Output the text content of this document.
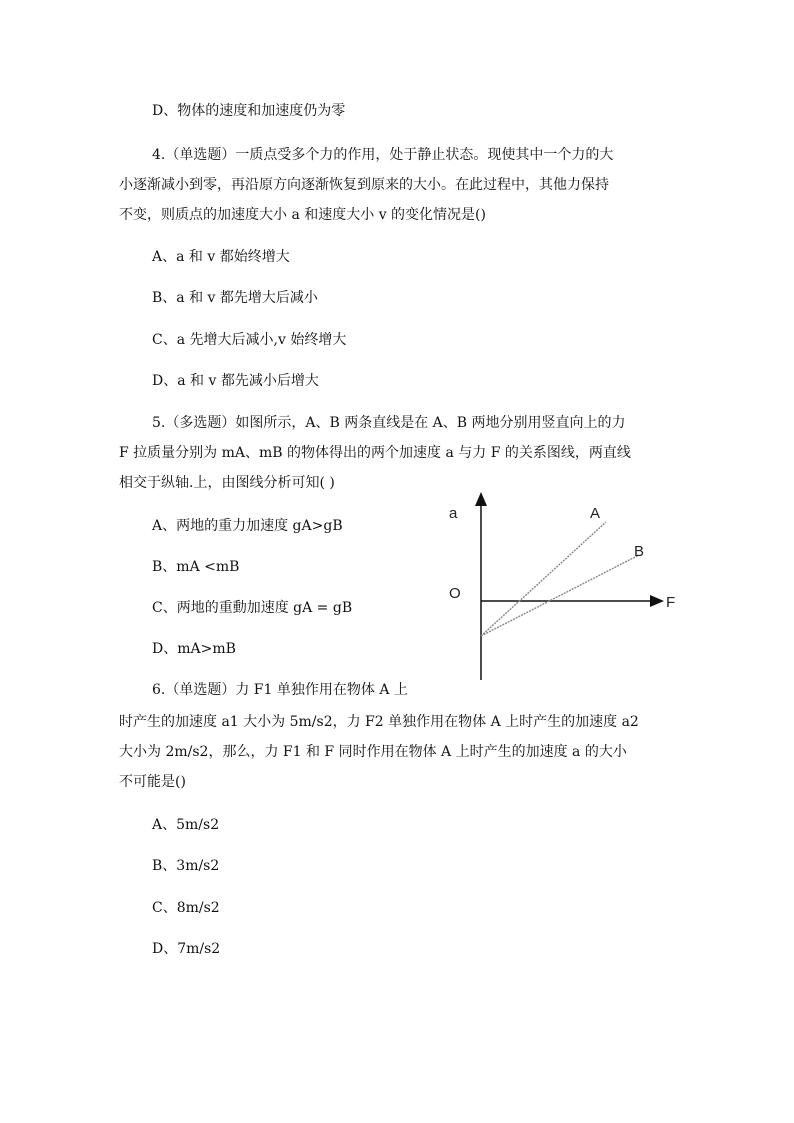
D、物体的速度和加速度仍为零

4.（单选题）一质点受多个力的作用，处于静止状态。现使其中一个力的大

小逐渐减小到零，再沿原方向逐渐恢复到原来的大小。在此过程中，其他力保持

不变，则质点的加速度大小 a 和速度大小 v 的变化情况是()

A、a 和 v 都始终增大

B、a 和 v 都先增大后减小

C、a 先增大后减小,v 始终增大

D、a 和 v 都先减小后增大

5.（多选题）如图所示，A、B 两条直线是在 A、B 两地分别用竖直向上的力

F 拉质量分别为 mA、mB 的物体得出的两个加速度 a 与力 F 的关系图线，两直线

相交于纵轴.上，由图线分析可知( )

A、两地的重力加速度 gA>gB

B、mA <mB

C、两地的重動加速度 gA = gB

D、mA>mB

a
F
O
A
B

6.（单选题）力 F1 单独作用在物体 A 上

时产生的加速度 a1 大小为 5m/s2，力 F2 单独作用在物体 A 上时产生的加速度 a2

大小为 2m/s2，那么，力 F1 和 F 同时作用在物体 A 上时产生的加速度 a 的大小

不可能是()

A、5m/s2

B、3m/s2

C、8m/s2

D、7m/s2
